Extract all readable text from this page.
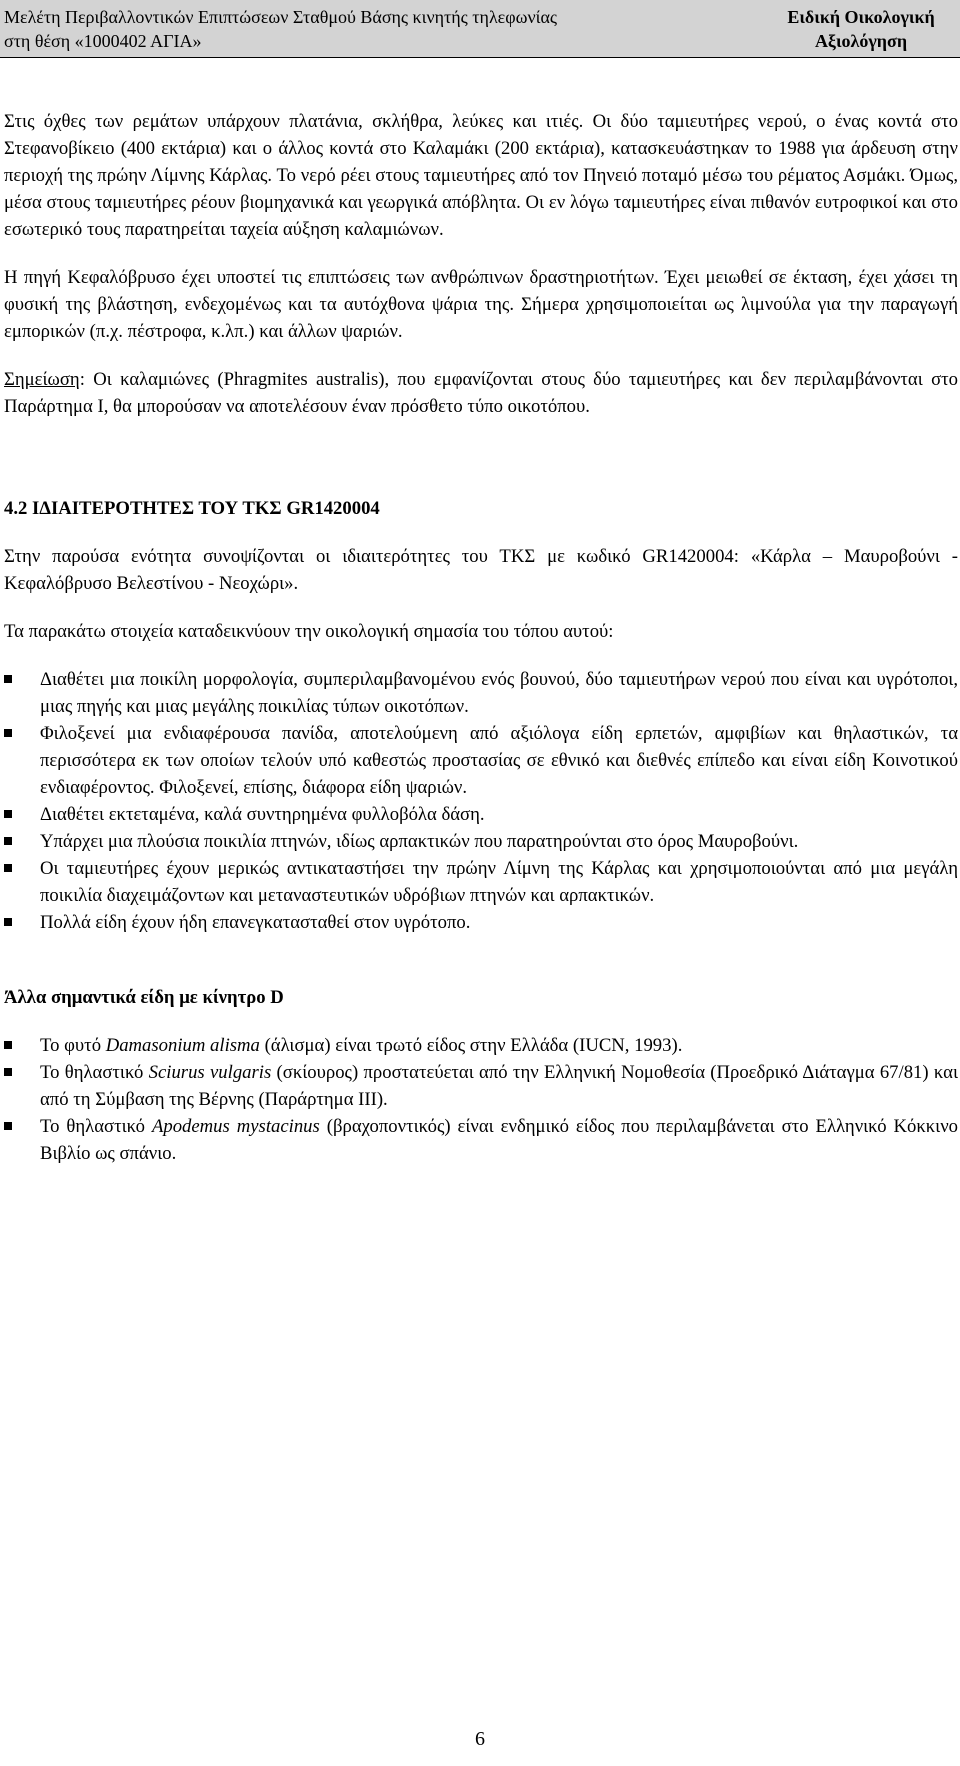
Μελέτη Περιβαλλοντικών Επιπτώσεων Σταθμού Βάσης κινητής τηλεφωνίας
στη θέση «1000402 ΑΓΙΑ»
Ειδική Οικολογική
Αξιολόγηση

Στις όχθες των ρεμάτων υπάρχουν πλατάνια, σκλήθρα, λεύκες και ιτιές. Οι δύο ταμιευτήρες νερού, ο ένας κοντά στο Στεφανοβίκειο (400 εκτάρια) και ο άλλος κοντά στο Καλαμάκι (200 εκτάρια), κατασκευάστηκαν το 1988 για άρδευση στην περιοχή της πρώην Λίμνης Κάρλας. Το νερό ρέει στους ταμιευτήρες από τον Πηνειό ποταμό μέσω του ρέματος Ασμάκι. Όμως, μέσα στους ταμιευτήρες ρέουν βιομηχανικά και γεωργικά απόβλητα. Οι εν λόγω ταμιευτήρες είναι πιθανόν ευτροφικοί και στο εσωτερικό τους παρατηρείται ταχεία αύξηση καλαμιώνων.

Η πηγή Κεφαλόβρυσο έχει υποστεί τις επιπτώσεις των ανθρώπινων δραστηριοτήτων. Έχει μειωθεί σε έκταση, έχει χάσει τη φυσική της βλάστηση, ενδεχομένως και τα αυτόχθονα ψάρια της. Σήμερα χρησιμοποιείται ως λιμνούλα για την παραγωγή εμπορικών (π.χ. πέστροφα, κ.λπ.) και άλλων ψαριών.

Σημείωση: Οι καλαμιώνες (Phragmites australis), που εμφανίζονται στους δύο ταμιευτήρες και δεν περιλαμβάνονται στο Παράρτημα Ι, θα μπορούσαν να αποτελέσουν έναν πρόσθετο τύπο οικοτόπου.

4.2 ΙΔΙΑΙΤΕΡΟΤΗΤΕΣ ΤΟΥ ΤΚΣ GR1420004

Στην παρούσα ενότητα συνοψίζονται οι ιδιαιτερότητες του ΤΚΣ με κωδικό GR1420004: «Κάρλα – Μαυροβούνι - Κεφαλόβρυσο Βελεστίνου - Νεοχώρι».

Τα παρακάτω στοιχεία καταδεικνύουν την οικολογική σημασία του τόπου αυτού:

Διαθέτει μια ποικίλη μορφολογία, συμπεριλαμβανομένου ενός βουνού, δύο ταμιευτήρων νερού που είναι και υγρότοποι, μιας πηγής και μιας μεγάλης ποικιλίας τύπων οικοτόπων.
Φιλοξενεί μια ενδιαφέρουσα πανίδα, αποτελούμενη από αξιόλογα είδη ερπετών, αμφιβίων και θηλαστικών, τα περισσότερα εκ των οποίων τελούν υπό καθεστώς προστασίας σε εθνικό και διεθνές επίπεδο και είναι είδη Κοινοτικού ενδιαφέροντος. Φιλοξενεί, επίσης, διάφορα είδη ψαριών.
Διαθέτει εκτεταμένα, καλά συντηρημένα φυλλοβόλα δάση.
Υπάρχει μια πλούσια ποικιλία πτηνών, ιδίως αρπακτικών που παρατηρούνται στο όρος Μαυροβούνι.
Οι ταμιευτήρες έχουν μερικώς αντικαταστήσει την πρώην Λίμνη της Κάρλας και χρησιμοποιούνται από μια μεγάλη ποικιλία διαχειμάζοντων και μεταναστευτικών υδρόβιων πτηνών και αρπακτικών.
Πολλά είδη έχουν ήδη επανεγκατασταθεί στον υγρότοπο.

Άλλα σημαντικά είδη με κίνητρο D

Το φυτό Damasonium alisma (άλισμα) είναι τρωτό είδος στην Ελλάδα (IUCN, 1993).
Το θηλαστικό Sciurus vulgaris (σκίουρος) προστατεύεται από την Ελληνική Νομοθεσία (Προεδρικό Διάταγμα 67/81) και από τη Σύμβαση της Βέρνης (Παράρτημα ΙΙΙ).
Το θηλαστικό Apodemus mystacinus (βραχοποντικός) είναι ενδημικό είδος που περιλαμβάνεται στο Ελληνικό Κόκκινο Βιβλίο ως σπάνιο.
6
